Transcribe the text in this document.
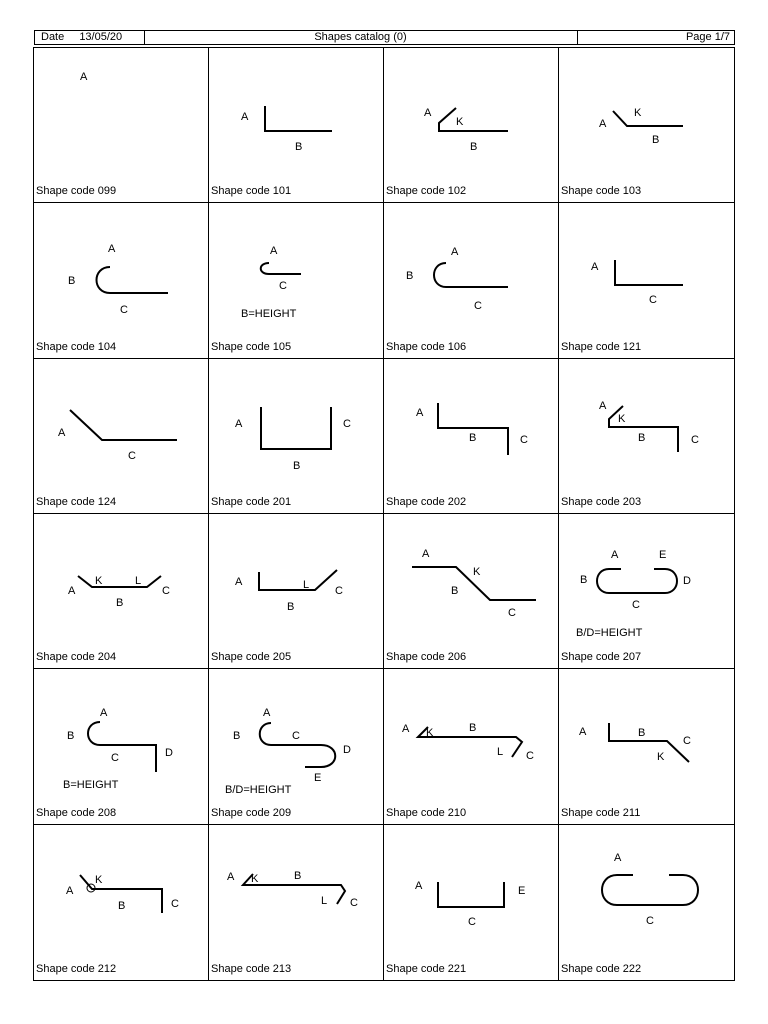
Date 13/05/20	Shapes catalog (0)	Page 1/7
A
Shape code 099
A
B
Shape code 101
A
K
B
Shape code 102
A
K
B
Shape code 103
A
B
C
Shape code 104
A
C
B=HEIGHT
Shape code 105
A
B
C
Shape code 106
A
C
Shape code 121
A
C
Shape code 124
A	C
B
Shape code 201
A
B	C
Shape code 202
A
K
B	C
Shape code 203
A
K	L
C
B
Shape code 204
A	L C
B
Shape code 205
A
K
B
C
Shape code 206
A	E
B	D
C
B/D=HEIGHT
Shape code 207
A
B
C	D
B=HEIGHT
Shape code 208
A
B	C
D
E
B/D=HEIGHT
Shape code 209
A K	B
L C
Shape code 210
A	B
C
K
Shape code 211
K
A
B	C
Shape code 212
A K	B
L C
Shape code 213
A	E
C
Shape code 221
A
C
Shape code 222
